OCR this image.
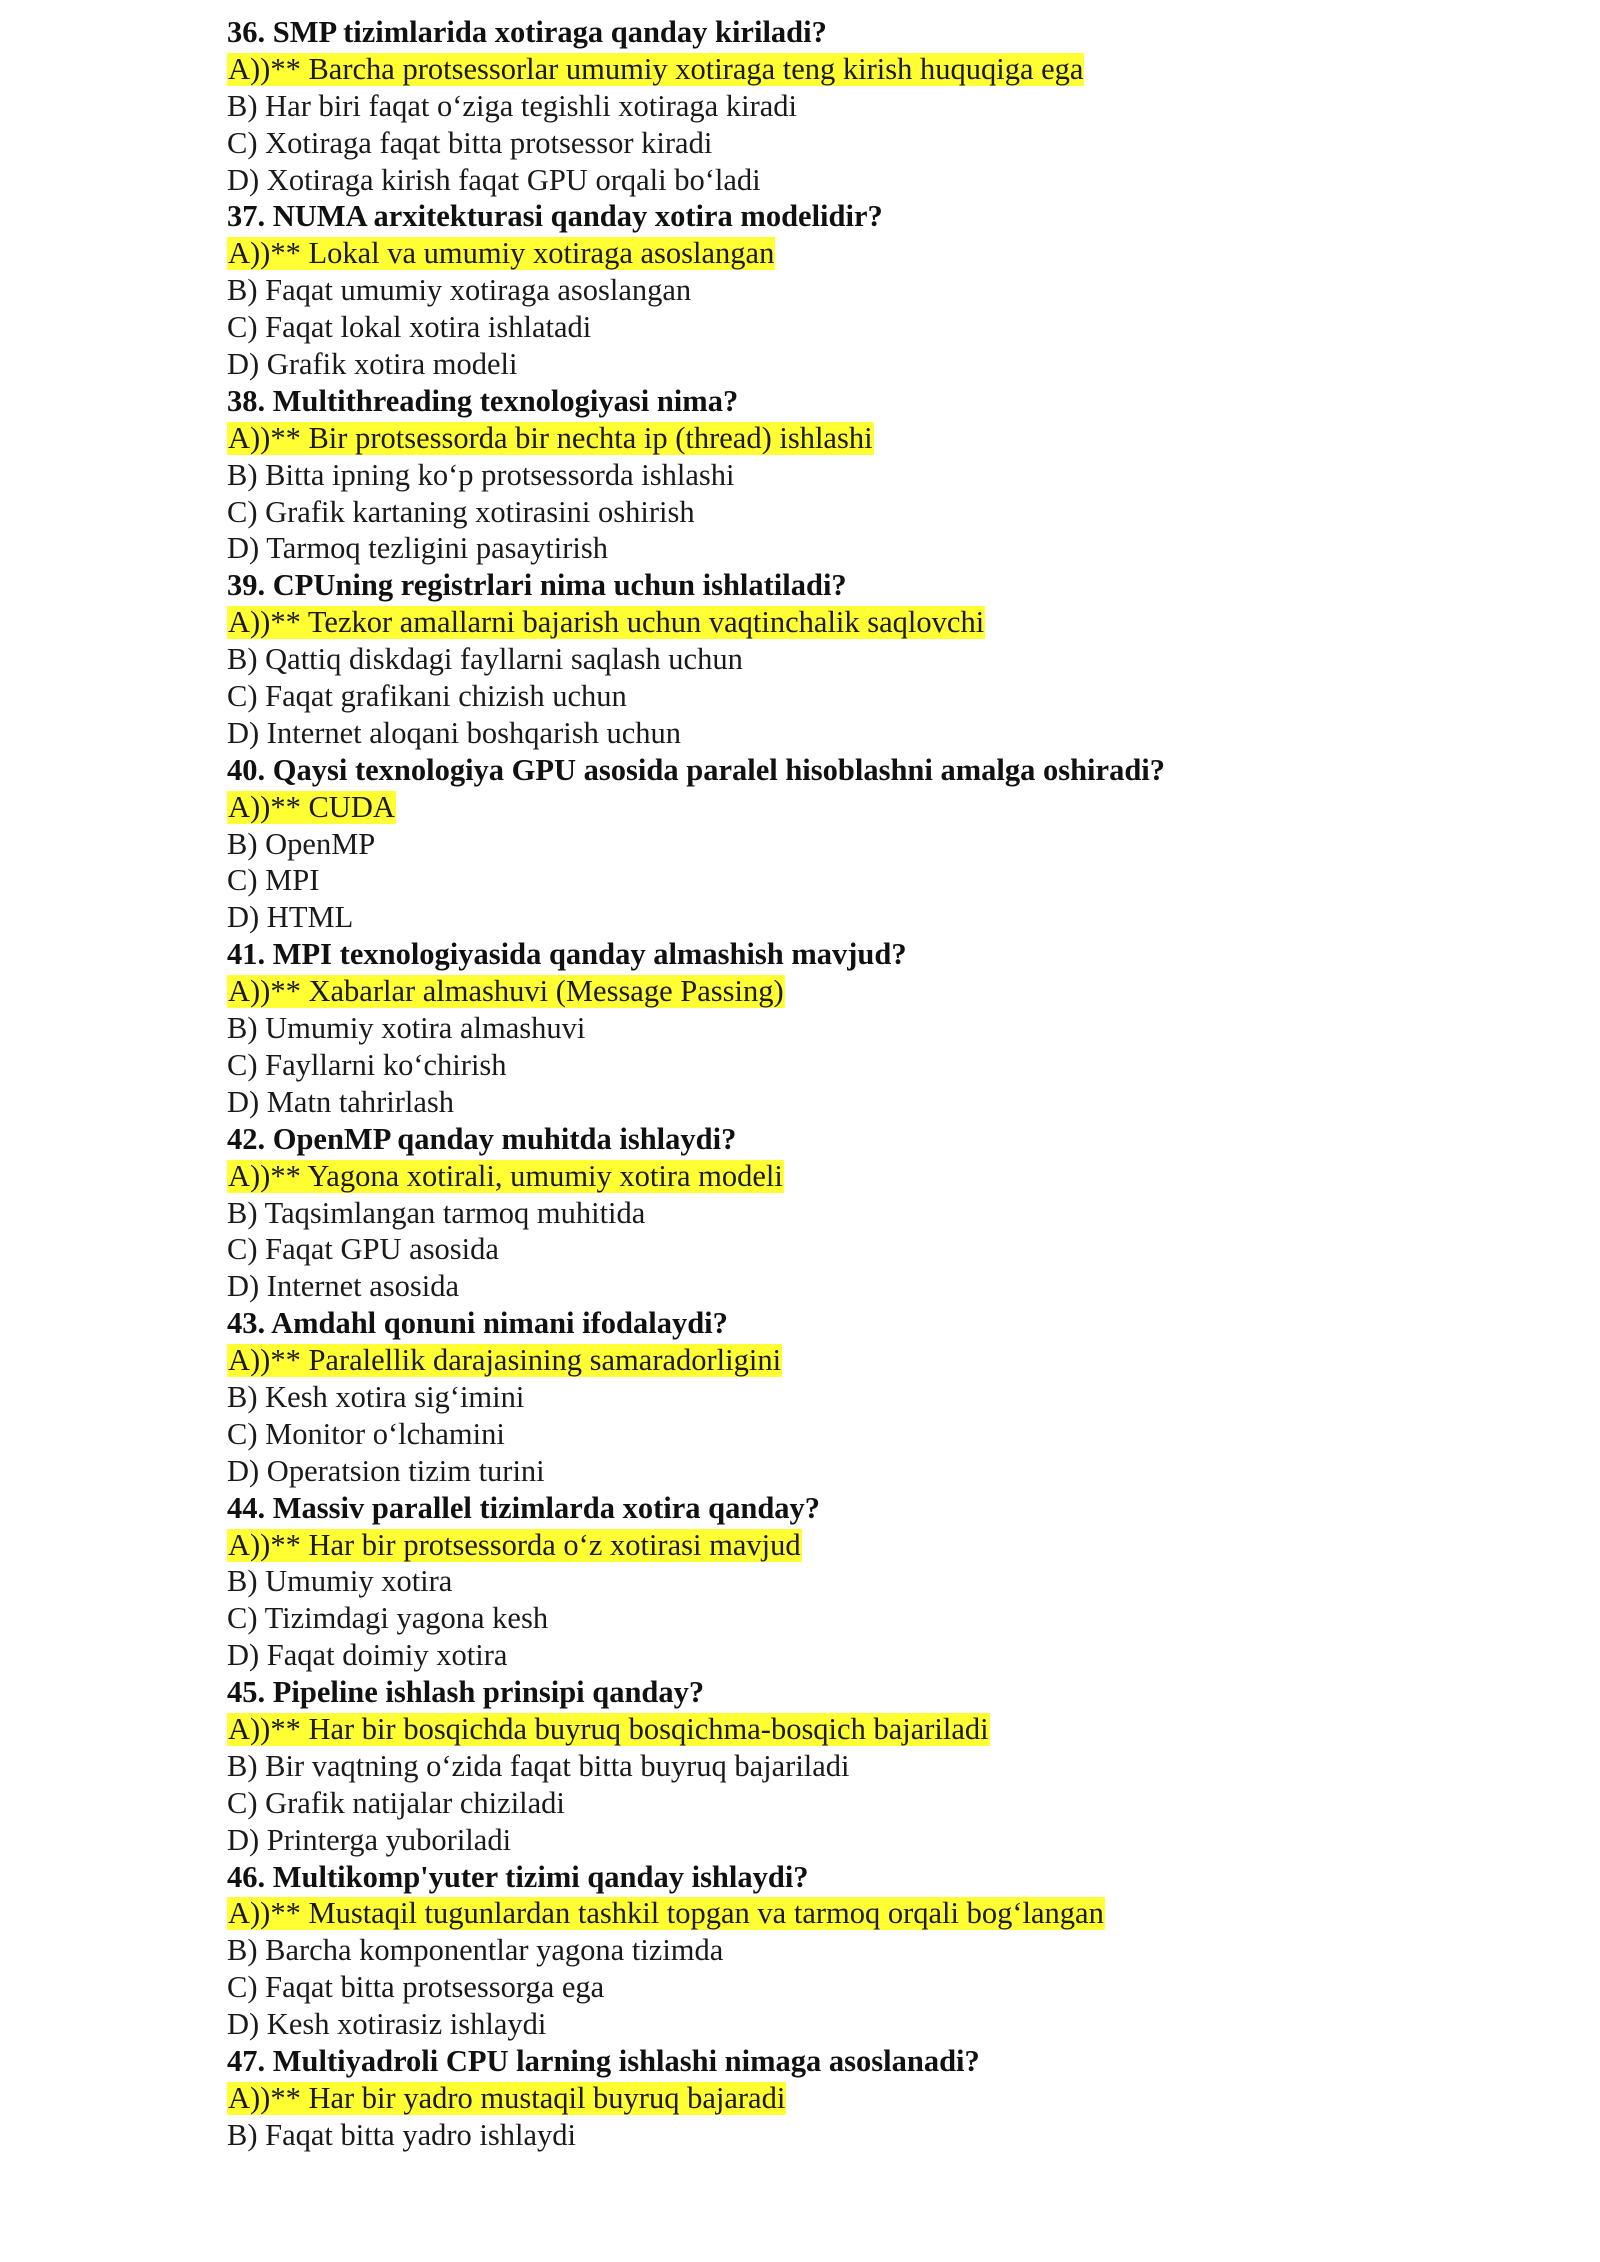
36. SMP tizimlarida xotiraga qanday kiriladi?
A))** Barcha protsessorlar umumiy xotiraga teng kirish huquqiga ega
B) Har biri faqat o‘ziga tegishli xotiraga kiradi
C) Xotiraga faqat bitta protsessor kiradi
D) Xotiraga kirish faqat GPU orqali bo‘ladi
37. NUMA arxitekturasi qanday xotira modelidir?
A))** Lokal va umumiy xotiraga asoslangan
B) Faqat umumiy xotiraga asoslangan
C) Faqat lokal xotira ishlatadi
D) Grafik xotira modeli
38. Multithreading texnologiyasi nima?
A))** Bir protsessorda bir nechta ip (thread) ishlashi
B) Bitta ipning ko‘p protsessorda ishlashi
C) Grafik kartaning xotirasini oshirish
D) Tarmoq tezligini pasaytirish
39. CPUning registrlari nima uchun ishlatiladi?
A))** Tezkor amallarni bajarish uchun vaqtinchalik saqlovchi
B) Qattiq diskdagi fayllarni saqlash uchun
C) Faqat grafikani chizish uchun
D) Internet aloqani boshqarish uchun
40. Qaysi texnologiya GPU asosida paralel hisoblashni amalga oshiradi?
A))** CUDA
B) OpenMP
C) MPI
D) HTML
41. MPI texnologiyasida qanday almashish mavjud?
A))** Xabarlar almashuvi (Message Passing)
B) Umumiy xotira almashuvi
C) Fayllarni ko‘chirish
D) Matn tahrirlash
42. OpenMP qanday muhitda ishlaydi?
A))** Yagona xotirali, umumiy xotira modeli
B) Taqsimlangan tarmoq muhitida
C) Faqat GPU asosida
D) Internet asosida
43. Amdahl qonuni nimani ifodalaydi?
A))** Paralellik darajasining samaradorligini
B) Kesh xotira sig‘imini
C) Monitor o‘lchamini
D) Operatsion tizim turini
44. Massiv parallel tizimlarda xotira qanday?
A))** Har bir protsessorda o‘z xotirasi mavjud
B) Umumiy xotira
C) Tizimdagi yagona kesh
D) Faqat doimiy xotira
45. Pipeline ishlash prinsipi qanday?
A))** Har bir bosqichda buyruq bosqichma-bosqich bajariladi
B) Bir vaqtning o‘zida faqat bitta buyruq bajariladi
C) Grafik natijalar chiziladi
D) Printerga yuboriladi
46. Multikomp'yuter tizimi qanday ishlaydi?
A))** Mustaqil tugunlardan tashkil topgan va tarmoq orqali bog‘langan
B) Barcha komponentlar yagona tizimda
C) Faqat bitta protsessorga ega
D) Kesh xotirasiz ishlaydi
47. Multiyadroli CPU larning ishlashi nimaga asoslanadi?
A))** Har bir yadro mustaqil buyruq bajaradi
B) Faqat bitta yadro ishlaydi
